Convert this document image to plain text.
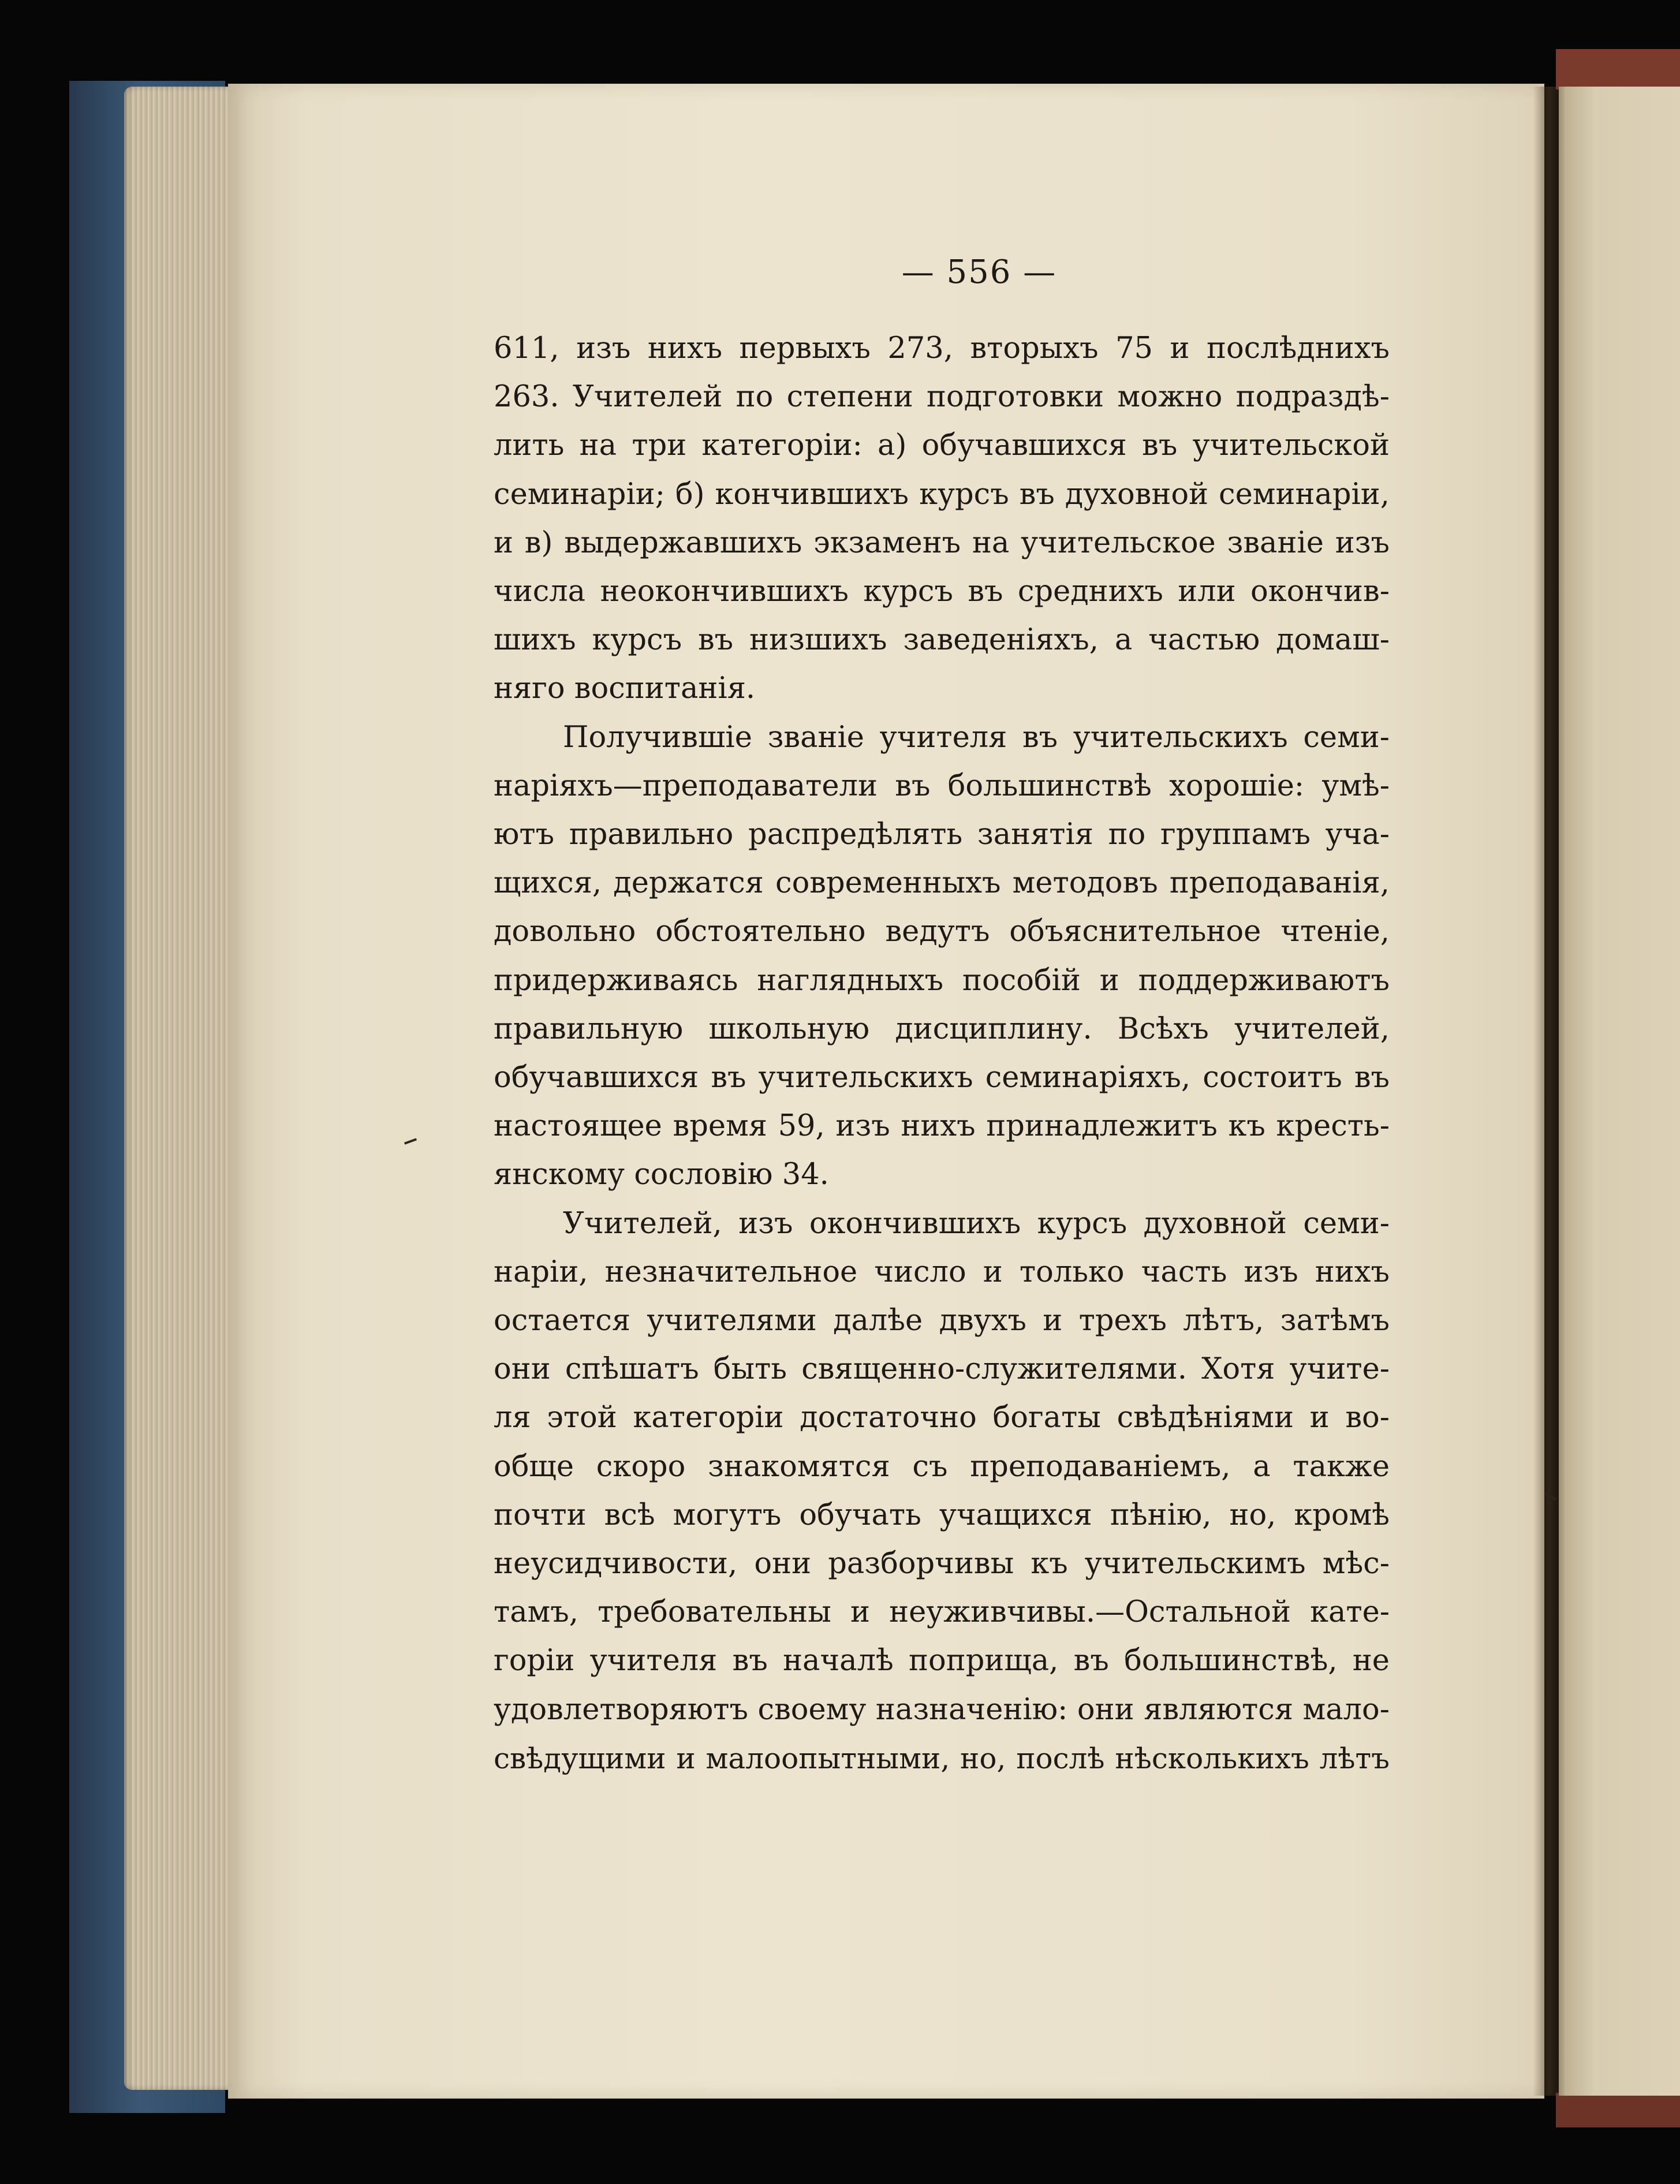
— 556 —

611, изъ нихъ первыхъ 273, вторыхъ 75 и послѣднихъ
263. Учителей по степени подготовки можно подраздѣ-
лить на три категоріи: а) обучавшихся въ учительской
семинаріи; б) кончившихъ курсъ въ духовной семинаріи,
и в) выдержавшихъ экзаменъ на учительское званіе изъ
числа неокончившихъ курсъ въ среднихъ или окончив-
шихъ курсъ въ низшихъ заведеніяхъ, а частью домаш-
няго воспитанія.

Получившіе званіе учителя въ учительскихъ семи-
наріяхъ—преподаватели въ большинствѣ хорошіе: умѣ-
ютъ правильно распредѣлять занятія по группамъ уча-
щихся, держатся современныхъ методовъ преподаванія,
довольно обстоятельно ведутъ объяснительное чтеніе,
придерживаясь наглядныхъ пособій и поддерживаютъ
правильную школьную дисциплину. Всѣхъ учителей,
обучавшихся въ учительскихъ семинаріяхъ, состоитъ въ
настоящее время 59, изъ нихъ принадлежитъ къ кресть-
янскому сословію 34.

Учителей, изъ окончившихъ курсъ духовной семи-
наріи, незначительное число и только часть изъ нихъ
остается учителями далѣе двухъ и трехъ лѣтъ, затѣмъ
они спѣшатъ быть священно-служителями. Хотя учите-
ля этой категоріи достаточно богаты свѣдѣніями и во-
обще скоро знакомятся съ преподаваніемъ, а также
почти всѣ могутъ обучать учащихся пѣнію, но, кромѣ
неусидчивости, они разборчивы къ учительскимъ мѣс-
тамъ, требовательны и неуживчивы.—Остальной кате-
горіи учителя въ началѣ поприща, въ большинствѣ, не
удовлетворяютъ своему назначенію: они являются мало-
свѣдущими и малоопытными, но, послѣ нѣсколькихъ лѣтъ
